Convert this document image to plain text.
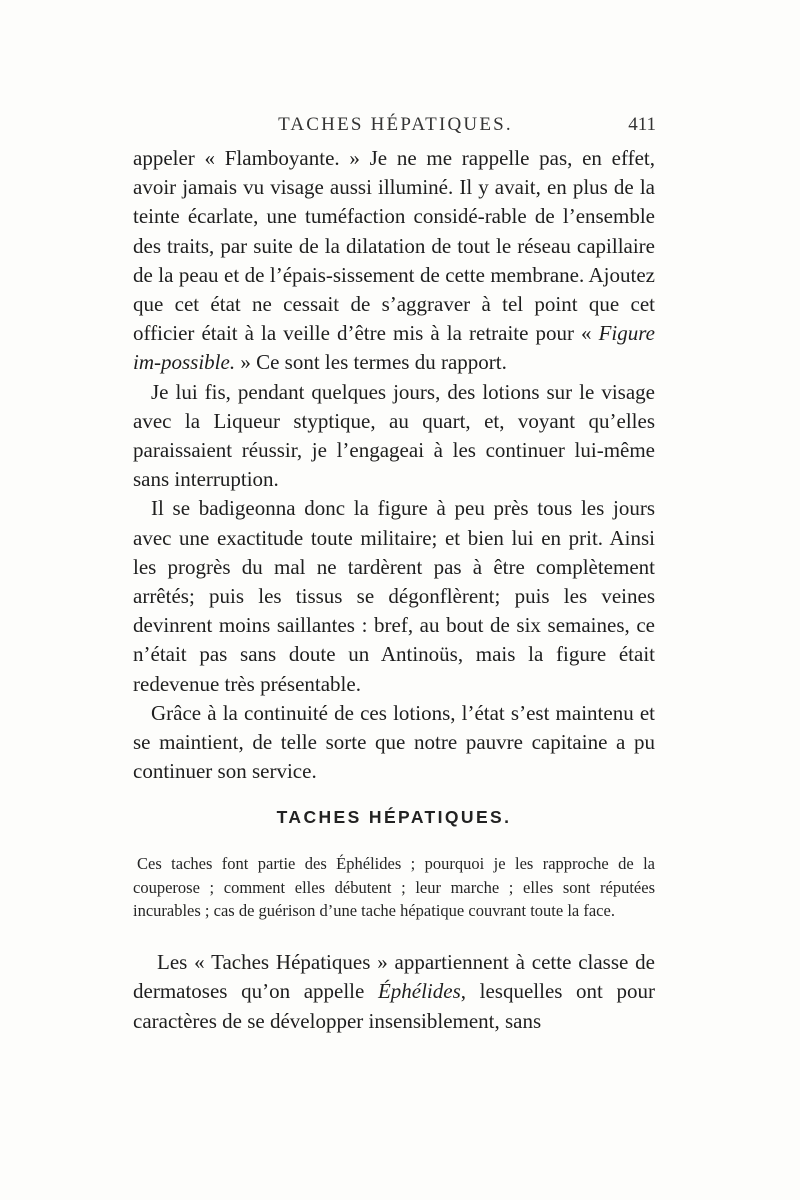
TACHES HÉPATIQUES.	411

appeler « Flamboyante. » Je ne me rappelle pas, en effet, avoir jamais vu visage aussi illuminé. Il y avait, en plus de la teinte écarlate, une tuméfaction considé-rable de l’ensemble des traits, par suite de la dilatation de tout le réseau capillaire de la peau et de l’épais-sissement de cette membrane. Ajoutez que cet état ne cessait de s’aggraver à tel point que cet officier était à la veille d’être mis à la retraite pour « Figure im-possible. » Ce sont les termes du rapport.

Je lui fis, pendant quelques jours, des lotions sur le visage avec la Liqueur styptique, au quart, et, voyant qu’elles paraissaient réussir, je l’engageai à les continuer lui-même sans interruption.

Il se badigeonna donc la figure à peu près tous les jours avec une exactitude toute militaire; et bien lui en prit. Ainsi les progrès du mal ne tardèrent pas à être complètement arrêtés; puis les tissus se dégonflèrent; puis les veines devinrent moins saillantes : bref, au bout de six semaines, ce n’était pas sans doute un Antinoüs, mais la figure était redevenue très présentable.

Grâce à la continuité de ces lotions, l’état s’est maintenu et se maintient, de telle sorte que notre pauvre capitaine a pu continuer son service.

TACHES HÉPATIQUES.

Ces taches font partie des Éphélides ; pourquoi je les rapproche de la couperose ; comment elles débutent ; leur marche ; elles sont réputées incurables ; cas de guérison d’une tache hépatique couvrant toute la face.

Les « Taches Hépatiques » appartiennent à cette classe de dermatoses qu’on appelle Éphélides, lesquelles ont pour caractères de se développer insensiblement, sans
